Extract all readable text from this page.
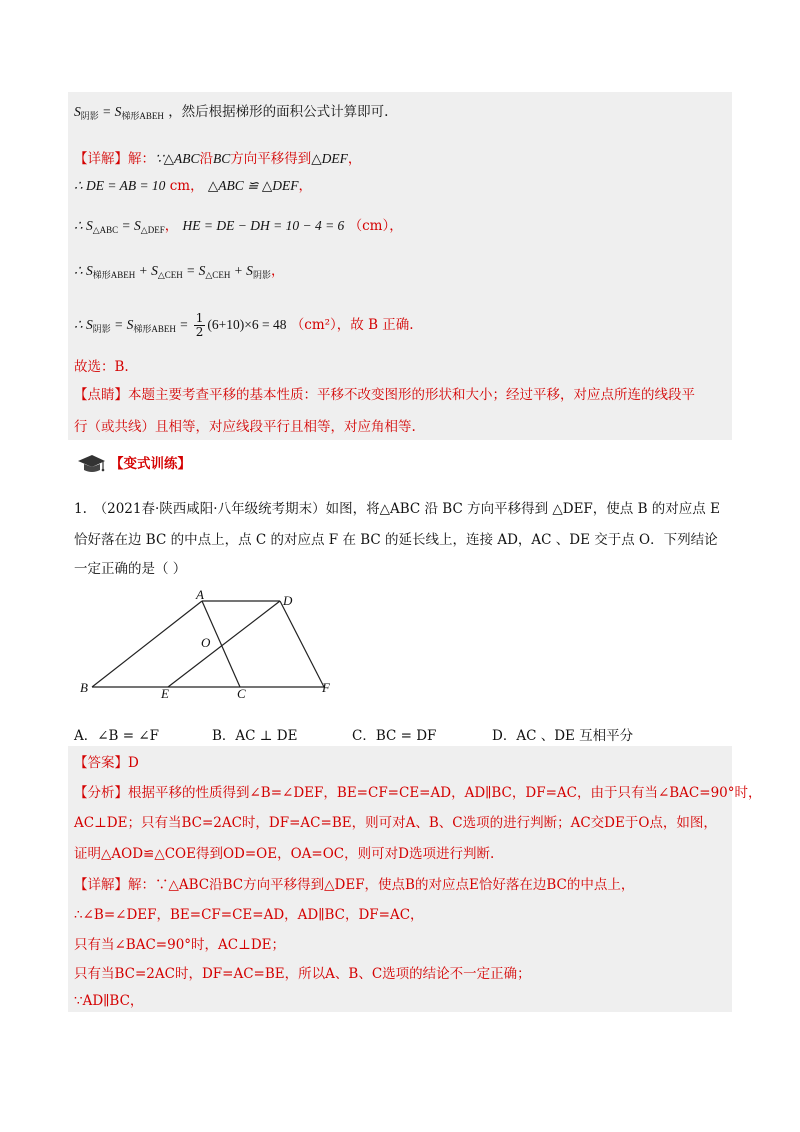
$S_{阴影} = S_{梯形ABEH}$ ，然后根据梯形的面积公式计算即可.
【详解】解：∵△ABC沿BC方向平移得到△DEF，
∴ DE = AB = 10 cm， △ABC ≌ △DEF，
∴ $S_{\triangle ABC} = S_{\triangle DEF}$， HE = DE − DH = 10 − 4 = 6 （cm），
∴ $S_{梯形ABEH} + S_{\triangle CEH} = S_{\triangle CEH} + S_{阴影}$，
∴ $S_{阴影} = S_{梯形ABEH} = \frac{1}{2} (6+10)\times 6 = 48$ （cm²），故 B 正确.
故选：B.
【点睛】本题主要考查平移的基本性质：平移不改变图形的形状和大小；经过平移，对应点所连的线段平
行（或共线）且相等，对应线段平行且相等，对应角相等.
【变式训练】
1.　（2021春·陕西咸阳·八年级统考期末）如图，将△ABC 沿 BC 方向平移得到 △DEF，使点 B 的对应点 E
恰好落在边 BC 的中点上，点 C 的对应点 F 在 BC 的延长线上，连接 AD，AC 、DE 交于点 O．下列结论
一定正确的是（ ）
A	D
O
B	E	C	F
A．∠B = ∠F	B．AC ⊥ DE	C．BC = DF	D．AC 、DE 互相平分
【答案】D
【分析】根据平移的性质得到∠B=∠DEF，BE=CF=CE=AD，AD∥BC，DF=AC，由于只有当∠BAC=90°时，
AC⊥DE；只有当BC=2AC时，DF=AC=BE，则可对A、B、C选项的进行判断；AC交DE于O点，如图，
证明△AOD≌△COE得到OD=OE，OA=OC，则可对D选项进行判断.
【详解】解：∵△ABC沿BC方向平移得到△DEF，使点B的对应点E恰好落在边BC的中点上，
∴∠B=∠DEF，BE=CF=CE=AD，AD∥BC，DF=AC，
只有当∠BAC=90°时，AC⊥DE；
只有当BC=2AC时，DF=AC=BE，所以A、B、C选项的结论不一定正确；
∵AD∥BC，
